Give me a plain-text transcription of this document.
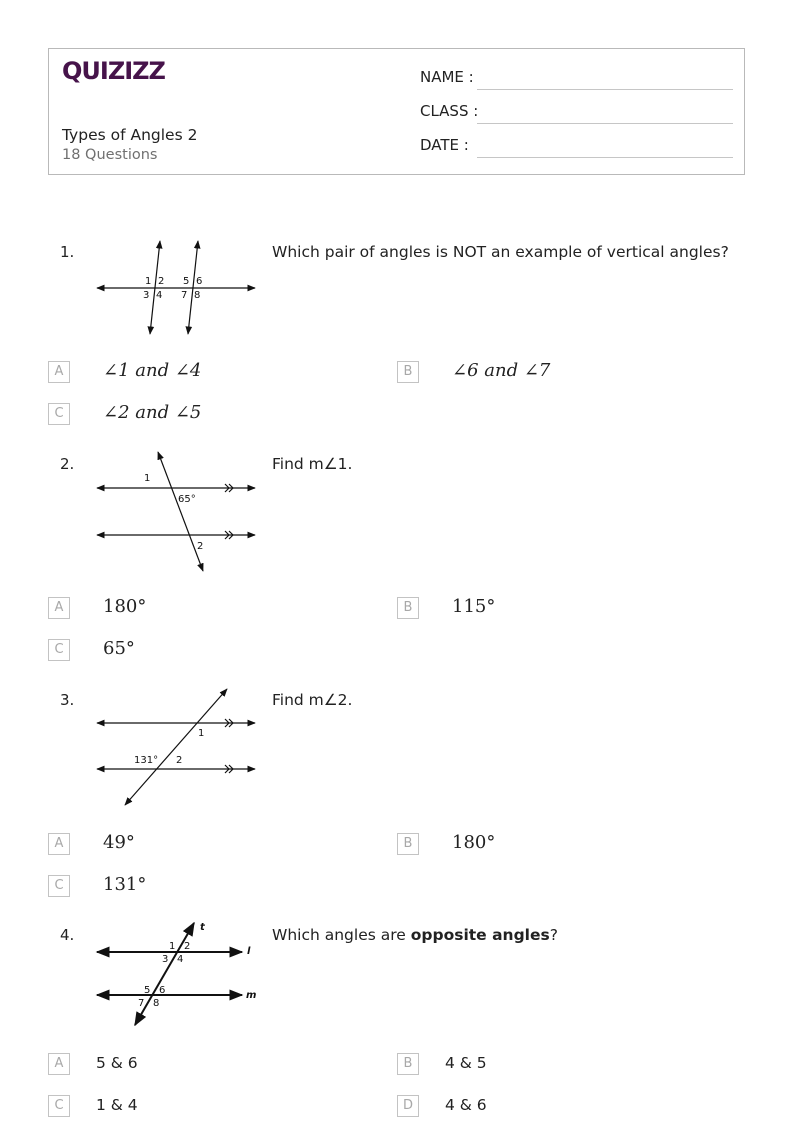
QUIZIZZ
Types of Angles 2
18 Questions
NAME :
CLASS :
DATE :
1.	Which pair of angles is NOT an example of vertical angles?
1 2
3 4
5 6
7 8
A	∠1 and ∠4	B	∠6 and ∠7
C	∠2 and ∠5
2.	Find m∠1.
1
65°
2
A	180°	B	115°
C	65°
3.	Find m∠2.
1
131° 2
A	49°	B	180°
C	131°
4.	Which angles are opposite angles?
t
l
m
1 2
3 4
5 6
7 8
A	5 & 6	B	4 & 5
C	1 & 4	D	4 & 6
